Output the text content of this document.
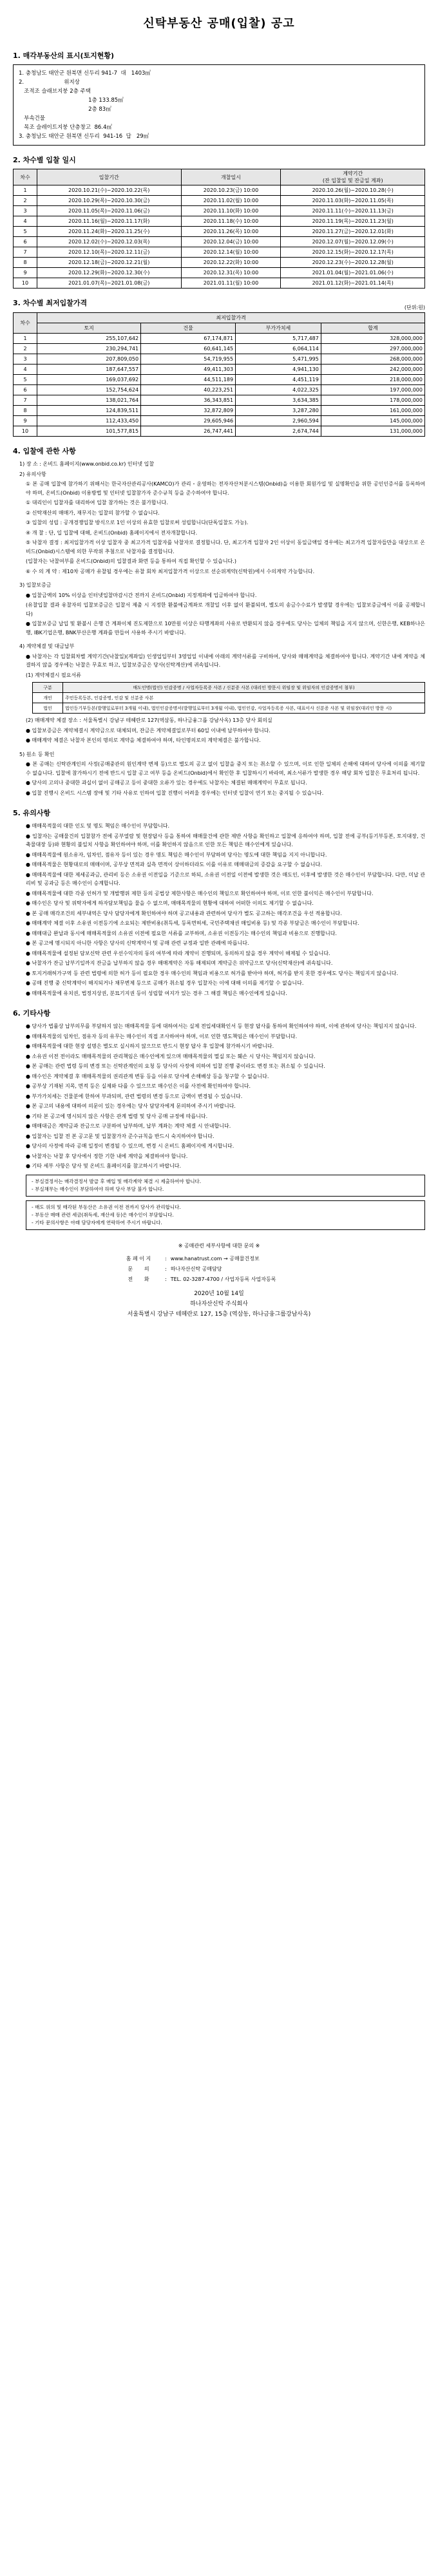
신탁부동산 공매(입찰) 공고
1. 매각부동산의 표시(토지현황)
1. 충청남도 태안군 원북면 신두리 941-7  대   1403㎡
2.                       위지상
조적조 슬래브지붕 2층 주택
1층 133.85㎡
2층 83㎡
부속건물
목조 슬레이트지붕 단층창고  86.4㎡
3. 충청남도 태안군 원북면 신두리  941-16  답   29㎡
2. 차수별 입찰 일시
차수	입찰기간	개찰일시	계약기간
(잔 입찰일 및 잔금일 계좌)
1	2020.10.21(수)~2020.10.22(목)	2020.10.23(금) 10:00	2020.10.26(월)~2020.10.28(수)
2	2020.10.29(목)~2020.10.30(금)	2020.11.02(월) 10:00	2020.11.03(화)~2020.11.05(목)
3	2020.11.05(목)~2020.11.06(금)	2020.11.10(화) 10:00	2020.11.11(수)~2020.11.13(금)
4	2020.11.16(월)~2020.11.17(화)	2020.11.18(수) 10:00	2020.11.19(목)~2020.11.23(월)
5	2020.11.24(화)~2020.11.25(수)	2020.11.26(목) 10:00	2020.11.27(금)~2020.12.01(화)
6	2020.12.02(수)~2020.12.03(목)	2020.12.04(금) 10:00	2020.12.07(월)~2020.12.09(수)
7	2020.12.10(목)~2020.12.11(금)	2020.12.14(월) 10:00	2020.12.15(화)~2020.12.17(목)
8	2020.12.18(금)~2020.12.21(월)	2020.12.22(화) 10:00	2020.12.23(수)~2020.12.28(월)
9	2020.12.29(화)~2020.12.30(수)	2020.12.31(목) 10:00	2021.01.04(월)~2021.01.06(수)
10	2021.01.07(목)~2021.01.08(금)	2021.01.11(월) 10:00	2021.01.12(화)~2021.01.14(목)
3. 차수별 최저입찰가격
(단위:원)
차수	최저입찰가격			
	토지	건물	부가가치세	합계
1	255,107,642	67,174,871	5,717,487	328,000,000
2	230,294,741	60,641,145	6,064,114	297,000,000
3	207,809,050	54,719,955	5,471,995	268,000,000
4	187,647,557	49,411,303	4,941,130	242,000,000
5	169,037,692	44,511,189	4,451,119	218,000,000
6	152,754,624	40,223,251	4,022,325	197,000,000
7	138,021,764	36,343,851	3,634,385	178,000,000
8	124,839,511	32,872,809	3,287,280	161,000,000
9	112,433,450	29,605,946	2,960,594	145,000,000
10	101,577,815	26,747,441	2,674,744	131,000,000
4. 입찰에 관한 사항
1) 장 소 : 온비드 홈페이지(www.onbid.co.kr) 인터넷 입찰
2) 유의사항
① 본 공매 입찰에 참가하기 위해서는 한국자산관리공사(KAMCO)가 관리・운영하는 전자자산처분시스템(Onbid)을 이용한 회원가입 및 실명확인을 위한 공인인증서를 등록하여야 하며, 온비드(Onbid) 이용방법 및 인터넷 입찰참가자 준수규칙 등을 준수하여야 합니다.
① 대리인이 입찰자를 대리하여 입찰 참가하는 것은 불가합니다.
② 신탁재산의 매매가, 재무지는 입찰의 참가할 수 없습니다.
③ 입찰의 성립 : 공개경쟁입찰 방식으로 1인 이상의 유효한 입찰로써 성립합니다(단독입찰도 가능).
④ 개 찰 : 단, 입 입찰에 대해, 온비드(Onbid) 홈페이지에서 전자개찰합니다.
⑤ 낙찰자 결정 : 최저입찰가격 이상 입찰자 중 최고가격 입찰자를 낙찰자로 결정합니다. 단, 최고가격 입찰자 2인 이상이 동일금액일 경우에는 최고가격 입찰자들만을 대상으로 온비드(Onbid)시스템에 의한 무작위 추첨으로 낙찰자를 결정합니다.
(입찰자는 낙찰여부를 온비드(Onbid)의 입찰결과 화면 등을 통하여 직접 확인할 수 있습니다.)
⑥ 수 의 계 약 : 제10차 공매가 유찰될 경우에는 유찰 회차 최저입찰가격 이상으로 선순위계약(신탁원)에서 수의계약 가능합니다.
3) 입찰보증금
● 입찰금액의 10% 이상을 인터넷입찰마감시간 전까지 온비드(Onbid) 지정계좌에 입금하여야 합니다.
(유찰입찰 결과 유찰자의 입찰보증금은 입찰서 제출 시 지정한 환불예금계좌로 개찰일 이후 없이 환불되며, 별도의 송금수수료가 발생할 경우에는 입찰보증금에서 이를 공제합니다)
● 입찰보증금 납입 및 환불시 은행 간 계좌이체 진도제한으로 10만원 이상은 타행계좌의 사유로 반환되지 않을 경우에도 당사는 일체의 책임을 지지 않으며, 신한은행, KEB하나은행, IBK기업은행, BNK부산은행 계좌를 만들어 사용하 주시기 바랍니다.
4) 계약체결 및 대금납부
● 낙찰자는 각 입찰회차별 계약기간(낙찰일)(계좌일) 인생업입부터 3영업일 이내에 아래의 계약서류를 구비하여, 당사와 매매계약을 체결하여야 합니다. 계약기간 내에 계약을 체결하지 않을 경우에는 낙찰은 무효로 하고, 입찰보증금은 당사(신탁계산)에 귀속됩니다.
(1) 계약체결시 필요서류
구분	매도인명(법인) 인감증명 / 사업자등록증 사본 / 신분증 사본 (대리인 방문시 위임장 및 위임자의 인감증명서 첨부)
개인	주민등록등본, 인감증명, 인감 및 신분증 사본
법인	법인등기부등본(발행일로부터 3개월 이내), 법인인감증명서(발행일로부터 3개월 이내), 법인인감, 사업자등록증 사본, 대표이사 신분증 사본 및 위임장(대리인 방문 시)
(2) 매매계약 체결 장소 : 서울특별시 강남구 테헤란로 127(역삼동, 하나금융그룹 강남사옥) 13층 당사 회의실
● 입찰보증금은 계약체결시 계약금으로 대체되며, 잔금은 계약체결일로부터 60일 이내에 납부하여야 합니다.
● 매매계약 체결은 낙찰자 본인의 명의로 계약을 체결하여야 하며, 타인명의로의 계약체결은 불가합니다.
5) 원소 등 확인
● 본 공매는 신탁관계인의 사정(공매중관의 원인계약 변제 등)으로 별도의 공고 없이 입찰을 중지 또는 취소할 수 있으며, 이로 인한 일체의 손해에 대하여 당사에 이의를 제기할 수 없습니다. 입찰에 참가하시기 전에 반드시 입찰 공고 여부 등을 온비드(Onbid)에서 확인한 후 입찰하시기 바라며, 최소서류가 발생한 경우 해당 회차 입찰은 무효처리 됩니다.
● 당사의 고의나 중대한 과실이 없이 공매공고 등이 중대한 오류가 있는 경우에도 낙찰자는 체결된 매매계약이 무효로 됩니다.
● 입찰 진행시 온비드 시스템 장애 및 기타 사유로 인하여 입찰 진행이 어려울 경우에는 인터넷 입찰이 연기 또는 중지될 수 있습니다.
5. 유의사항
● 매매목적물의 대한 인도 및 명도 책임은 매수인이 부담합니다.
● 입찰자는 공매물건의 입찰참가 전에 공부열람 및 현장답사 등을 통하여 매매물건에 관한 제반 사항을 확인하고 입찰에 응하여야 하며, 입찰 전에 공부(등기부등본, 토지대장, 건축물대장 등)와 현황의 불일치 사항을 확인하여야 하며, 이를 확인하지 않음으로 인한 모든 책임은 매수인에게 있습니다.
● 매매목적물에 원소유자, 임차인, 점유자 등이 있는 경우 명도 책임은 매수인이 부담하며 당사는 명도에 대한 책임을 지지 아니합니다.
● 매매목적물은 현황대로의 매매이며, 공부상 면적과 실측 면적이 상이하더라도 이를 이유로 매매대금의 증감을 요구할 수 없습니다.
● 매매목적물에 대한 제세공과금, 관리비 등은 소유권 이전일을 기준으로 하되, 소유권 이전일 이전에 발생한 것은 매도인, 이후에 발생한 것은 매수인이 부담합니다. 다만, 미납 관리비 및 공과금 등은 매수인이 승계합니다.
● 매매목적물에 대한 각종 인허가 및 개발행위 제한 등의 공법상 제한사항은 매수인의 책임으로 확인하여야 하며, 이로 인한 불이익은 매수인이 부담합니다.
● 매수인은 당사 및 위탁자에게 하자담보책임을 물을 수 없으며, 매매목적물의 현황에 대하여 어떠한 이의도 제기할 수 없습니다.
● 본 공매 매각조건의 세부내역은 당사 담당자에게 확인하여야 하며 공고내용과 관련하여 당사가 별도 공고하는 매각조건을 우선 적용합니다.
● 매매계약 체결 이후 소유권 이전등기에 소요되는 제반비용(취득세, 등록면허세, 국민주택채권 매입비용 등) 및 각종 부담금은 매수인이 부담합니다.
● 매매대금 완납과 동시에 매매목적물의 소유권 이전에 필요한 서류를 교부하며, 소유권 이전등기는 매수인의 책임과 비용으로 진행합니다.
● 본 공고에 명시되지 아니한 사항은 당사의 신탁계약서 및 공매 관련 규정과 일반 관례에 따릅니다.
● 매매목적물에 설정된 담보신탁 관련 우선수익자의 동의 여부에 따라 계약이 진행되며, 동의하지 않을 경우 계약이 해제될 수 있습니다.
● 낙찰자가 잔금 납부기일까지 잔금을 납부하지 않을 경우 매매계약은 자동 해제되며 계약금은 위약금으로 당사(신탁재산)에 귀속됩니다.
● 토지거래허가구역 등 관련 법령에 의한 허가 등이 필요한 경우 매수인의 책임과 비용으로 허가를 받아야 하며, 허가를 받지 못한 경우에도 당사는 책임지지 않습니다.
● 공매 진행 중 신탁계약이 해지되거나 채무변제 등으로 공매가 취소될 경우 입찰자는 이에 대해 이의를 제기할 수 없습니다.
● 매매목적물에 유치권, 법정지상권, 분묘기지권 등이 성립할 여지가 있는 경우 그 해결 책임은 매수인에게 있습니다.
6. 기타사항
● 당사가 법률상 납부의무를 부담하지 않는 매매목적물 등에 대하여서는 실제 전입세대확인서 등 현장 답사를 통하여 확인하여야 하며, 이에 관하여 당사는 책임지지 않습니다.
● 매매목적물의 임차인, 점유자 등의 유무는 매수인이 직접 조사하여야 하며, 이로 인한 명도책임은 매수인이 부담합니다.
● 매매목적물에 대한 현장 설명은 별도로 실시하지 않으므로 반드시 현장 답사 후 입찰에 참가하시기 바랍니다.
● 소유권 이전 전이라도 매매목적물의 관리책임은 매수인에게 있으며 매매목적물의 멸실 또는 훼손 시 당사는 책임지지 않습니다.
● 본 공매는 관련 법령 등의 변경 또는 신탁관계인의 요청 등 당사의 사정에 의하여 입찰 진행 중이라도 변경 또는 취소될 수 있습니다.
● 매수인은 계약체결 후 매매목적물의 권리관계 변동 등을 이유로 당사에 손해배상 등을 청구할 수 없습니다.
● 공부상 기재된 지목, 면적 등은 실제와 다를 수 있으므로 매수인은 이를 사전에 확인하여야 합니다.
● 부가가치세는 건물분에 한하여 부과되며, 관련 법령의 변경 등으로 금액이 변경될 수 있습니다.
● 본 공고의 내용에 대하여 의문이 있는 경우에는 당사 담당자에게 문의하여 주시기 바랍니다.
● 기타 본 공고에 명시되지 않은 사항은 관계 법령 및 당사 공매 규정에 따릅니다.
● 매매대금은 계약금과 잔금으로 구분하여 납부하며, 납부 계좌는 계약 체결 시 안내합니다.
● 입찰자는 입찰 전 본 공고문 및 입찰참가자 준수규칙을 반드시 숙지하여야 합니다.
● 당사의 사정에 따라 공매 일정이 변경될 수 있으며, 변경 시 온비드 홈페이지에 게시합니다.
● 낙찰자는 낙찰 후 당사에서 정한 기한 내에 계약을 체결하여야 합니다.
● 기타 세부 사항은 당사 및 온비드 홈페이지를 참고하시기 바랍니다.
- 부실결정서는 매각결정서 발급 후 매입 및 매각계약 체결 시 제출하여야 합니다.
- 부실채무는 매수인이 부담하여야 하며 당사 부담 불가 합니다.
- 매도 위의 및 매각된 부동산은 소유권 이전 전까지 당사가 관리합니다.
- 부동산 매매 관련 세금(취득세, 재산세 등)은 매수인이 부담합니다.
- 기타 문의사항은 아래 담당자에게 연락하여 주시기 바랍니다.
※ 공매관련 세부사항에 대한 문의 ※
홈 페 이 지	: www.hanatrust.com → 공매물건정보
문       의	: 하나자산신탁 공매담당
전       화	: TEL. 02-3287-4700 / 사업자등록 사업자등록
2020년 10월 14일
하나자산신탁 주식회사
서울특별시 강남구 테헤란로 127, 15층 (역삼동, 하나금융그룹강남사옥)
